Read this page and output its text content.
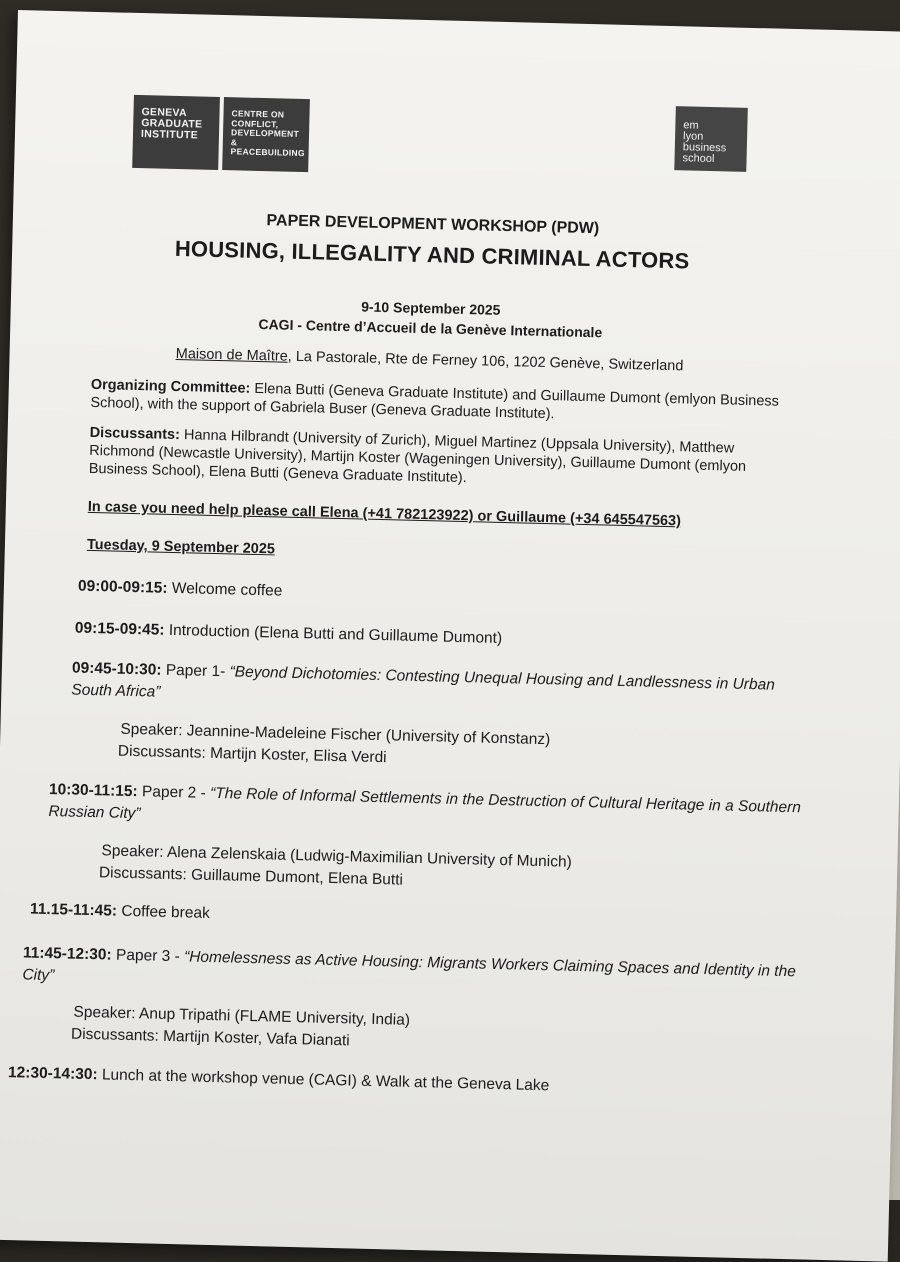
GENEVA
GRADUATE
INSTITUTE
CENTRE ON
CONFLICT,
DEVELOPMENT &
PEACEBUILDING
em
lyon
business
school
PAPER DEVELOPMENT WORKSHOP (PDW)
HOUSING, ILLEGALITY AND CRIMINAL ACTORS
9-10 September 2025
CAGI - Centre d’Accueil de la Genève Internationale
Maison de Maître, La Pastorale, Rte de Ferney 106, 1202 Genève, Switzerland
Organizing Committee: Elena Butti (Geneva Graduate Institute) and Guillaume Dumont (emlyon Business School), with the support of Gabriela Buser (Geneva Graduate Institute).
Discussants: Hanna Hilbrandt (University of Zurich), Miguel Martinez (Uppsala University), Matthew Richmond (Newcastle University), Martijn Koster (Wageningen University), Guillaume Dumont (emlyon Business School), Elena Butti (Geneva Graduate Institute).
In case you need help please call Elena (+41 782123922) or Guillaume (+34 645547563)
Tuesday, 9 September 2025
09:00-09:15: Welcome coffee
09:15-09:45: Introduction (Elena Butti and Guillaume Dumont)
09:45-10:30: Paper 1- “Beyond Dichotomies: Contesting Unequal Housing and Landlessness in Urban South Africa”
Speaker: Jeannine-Madeleine Fischer (University of Konstanz)
Discussants: Martijn Koster, Elisa Verdi
10:30-11:15: Paper 2 - “The Role of Informal Settlements in the Destruction of Cultural Heritage in a Southern Russian City”
Speaker: Alena Zelenskaia (Ludwig-Maximilian University of Munich)
Discussants: Guillaume Dumont, Elena Butti
11.15-11:45: Coffee break
11:45-12:30: Paper 3 - “Homelessness as Active Housing: Migrants Workers Claiming Spaces and Identity in the City”
Speaker: Anup Tripathi (FLAME University, India)
Discussants: Martijn Koster, Vafa Dianati
12:30-14:30: Lunch at the workshop venue (CAGI) & Walk at the Geneva Lake
